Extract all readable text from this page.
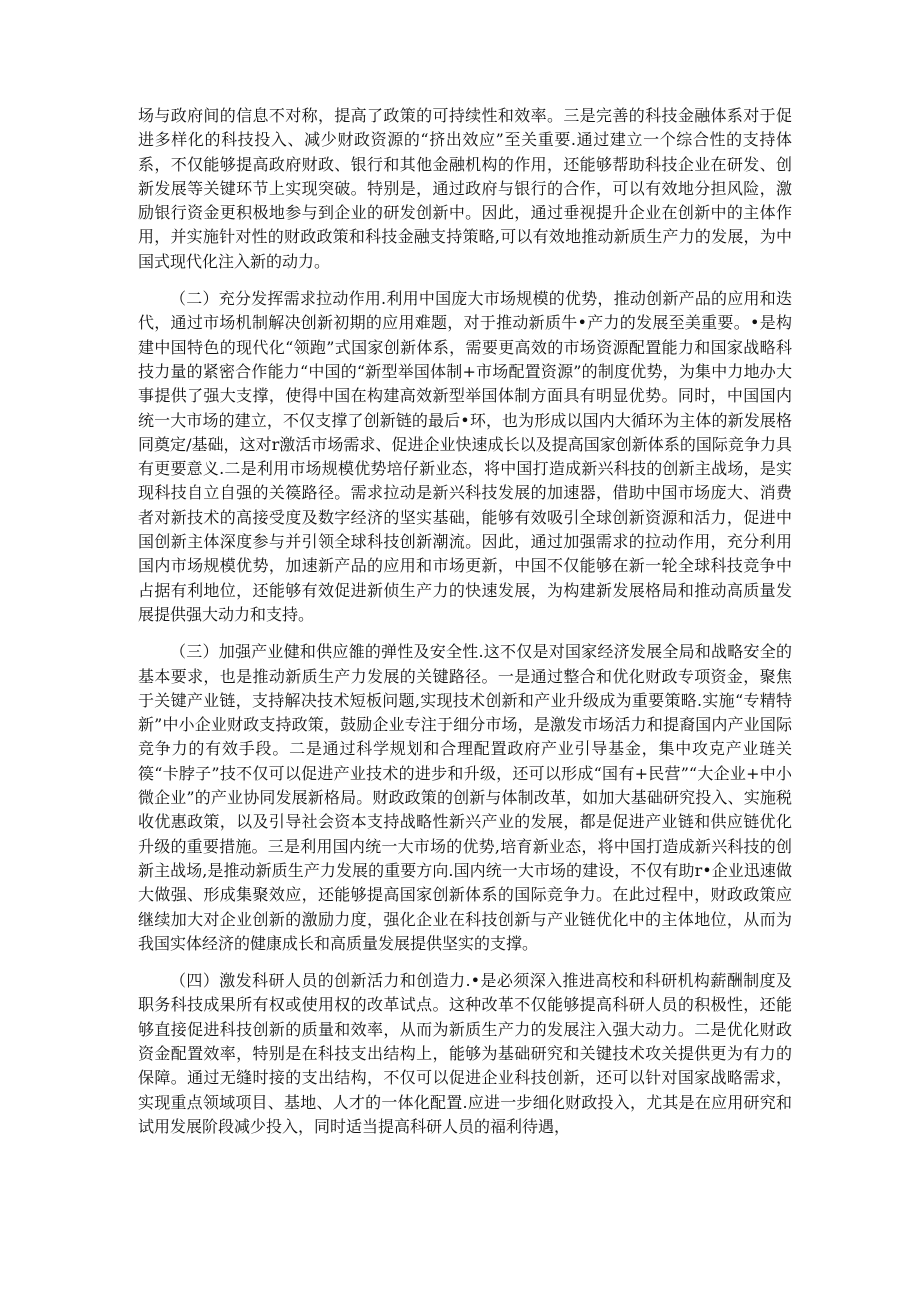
场与政府间的信息不对称，提高了政策的可持续性和效率。三是完善的科技金融体系对于促进多样化的科技投入、减少财政资源的“挤出效应”至关重要.通过建立一个综合性的支持体系，不仅能够提高政府财政、银行和其他金融机构的作用，还能够帮助科技企业在研发、创新发展等关键环节上实现突破。特别是，通过政府与银行的合作，可以有效地分担风险，激励银行资金更积极地参与到企业的研发创新中。因此，通过垂视提升企业在创新中的主体作用，并实施针对性的财政政策和科技金融支持策略,可以有效地推动新质生产力的发展，为中国式现代化注入新的动力。

（二）充分发挥需求拉动作用.利用中国庞大市场规模的优势，推动创新产品的应用和迭代，通过市场机制解决创新初期的应用难题，对于推动新质牛•产力的发展至美重要。•是构建中国特色的现代化“领跑”式国家创新体系，需要更高效的市场资源配置能力和国家战略科技力量的紧密合作能力“中国的“新型举国体制+市场配置资源”的制度优势，为集中力地办大事提供了强大支撑，使得中国在构建高效新型举国体制方面具有明显优势。同时，中国国内统一大市场的建立，不仅支撑了创新链的最后•环，也为形成以国内大循环为主体的新发展格同奠定/基础，这对r激活市场需求、促进企业快速成长以及提高国家创新体系的国际竞争力具有更要意义.二是利用市场规模优势培仔新业态，将中国打造成新兴科技的创新主战场，是实现科技自立自强的关篌路径。需求拉动是新兴科技发展的加速器，借助中国市场庞大、消费者对新技术的高接受度及数字经济的坚实基础，能够有效吸引全球创新资源和活力，促进中国创新主体深度参与并引领全球科技创新潮流。因此，通过加强需求的拉动作用，充分利用国内市场规模优势，加速新产品的应用和市场更新，中国不仅能够在新一轮全球科技竞争中占据有利地位，还能够有效促进新侦生产力的快速发展，为构建新发展格局和推动高质量发展提供强大动力和支持。

（三）加强产业健和供应雒的弹性及安全性.这不仅是对国家经济发展全局和战略安全的基本要求，也是推动新质生产力发展的关键路径。一是通过整合和优化财政专项资金，聚焦于关键产业链，支持解决技术短板问题,实现技术创新和产业升级成为重要策略.实施“专精特新”中小企业财政支持政策，鼓励企业专注于细分市场，是激发市场活力和提裔国内产业国际竞争力的有效手段。二是通过科学规划和合理配置政府产业引导基金，集中攻克产业琏关篌“卡脖子”技不仅可以促进产业技术的进步和升级，还可以形成“国有+民营”“大企业+中小微企业”的产业协同发展新格局。财政政策的创新与体制改革，如加大基础研究投入、实施税收优惠政策，以及引导社会资本支持战略性新兴产业的发展，都是促进产业链和供应链优化升级的重要措施。三是利用国内统一大市场的优势,培育新业态，将中国打造成新兴科技的创新主战场,是推动新质生产力发展的重要方向.国内统一大市场的建设，不仅有助r•企业迅速做大做强、形成集聚效应，还能够提高国家创新体系的国际竞争力。在此过程中，财政政策应继续加大对企业创新的激励力度，强化企业在科技创新与产业链优化中的主体地位，从而为我国实体经济的健康成长和高质量发展提供坚实的支撑。

（四）激发科研人员的创新活力和创造力.•是必须深入推进高校和科研机构薪酬制度及职务科技成果所有权或使用权的改革试点。这种改革不仅能够提高科研人员的积极性，还能够直接促进科技创新的质量和效率，从而为新质生产力的发展注入强大动力。二是优化财政资金配置效率，特别是在科技支出结构上，能够为基础研究和关键技术攻关提供更为有力的保障。通过无缝时接的支出结构，不仅可以促进企业科技创新，还可以针对国家战略需求，实现重点领域项目、基地、人才的一体化配置.应进一步细化财政投入，尤其是在应用研究和试用发展阶段减少投入，同时适当提高科研人员的福利待遇，
